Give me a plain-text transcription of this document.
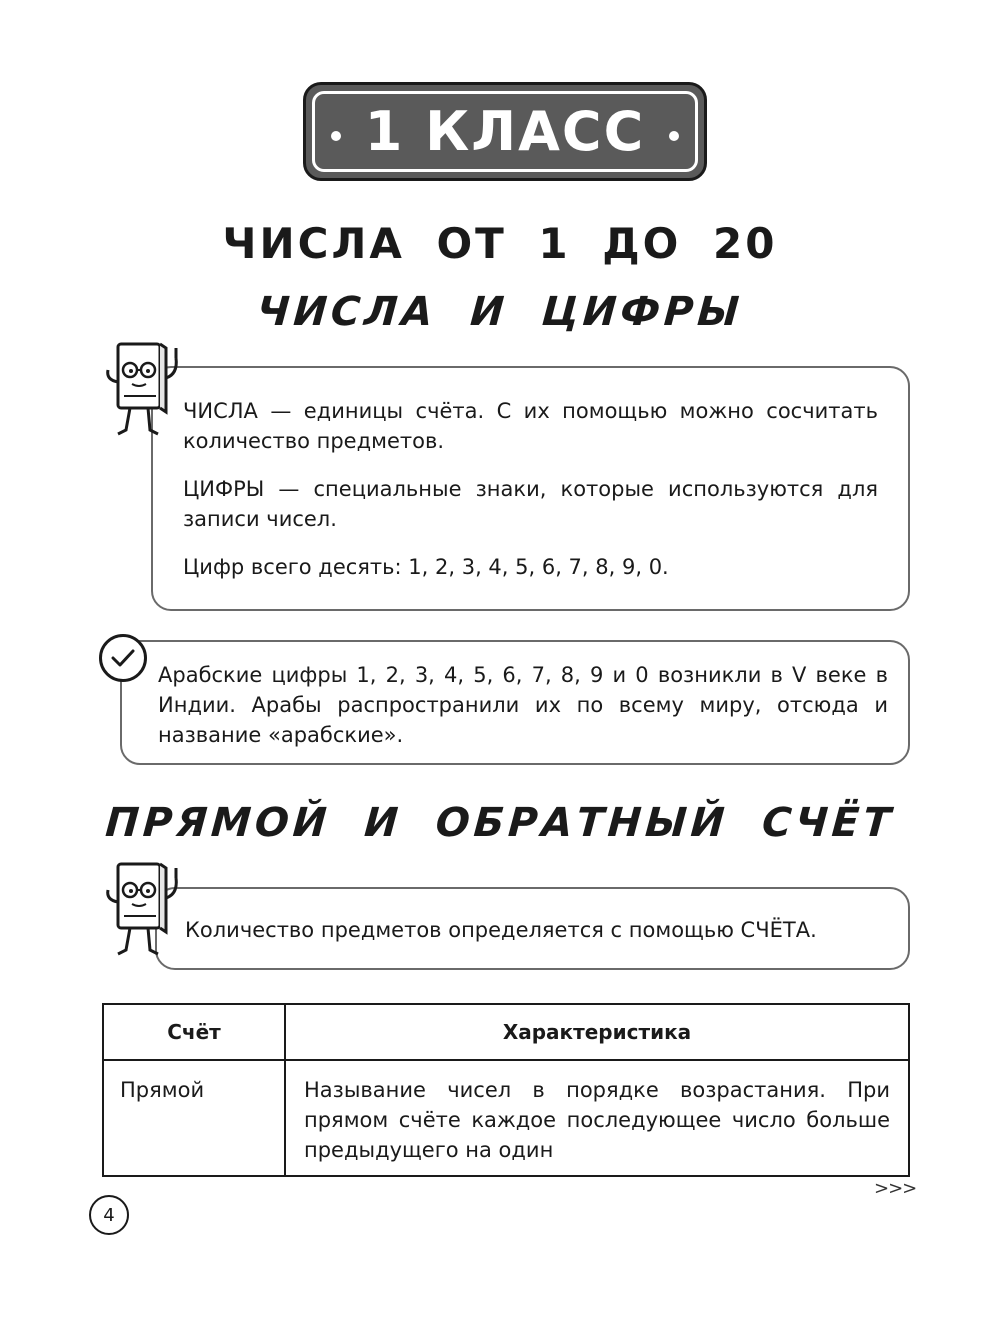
1 КЛАСС
ЧИСЛА ОТ 1 ДО 20
ЧИСЛА И ЦИФРЫ

ЧИСЛА — единицы счёта. С их помощью можно сосчитать количество предметов.

ЦИФРЫ — специальные знаки, которые используются для записи чисел.

Цифр всего десять: 1, 2, 3, 4, 5, 6, 7, 8, 9, 0.

Арабские цифры 1, 2, 3, 4, 5, 6, 7, 8, 9 и 0 возникли в V веке в Индии. Арабы распространили их по всему миру, отсюда и название «арабские».

ПРЯМОЙ И ОБРАТНЫЙ СЧЁТ

Количество предметов определяется с помощью СЧЁТА.

Счёт	Характеристика
Прямой	Называние чисел в порядке возрастания. При прямом счёте каждое последующее число больше предыдущего на один
>>>
4
